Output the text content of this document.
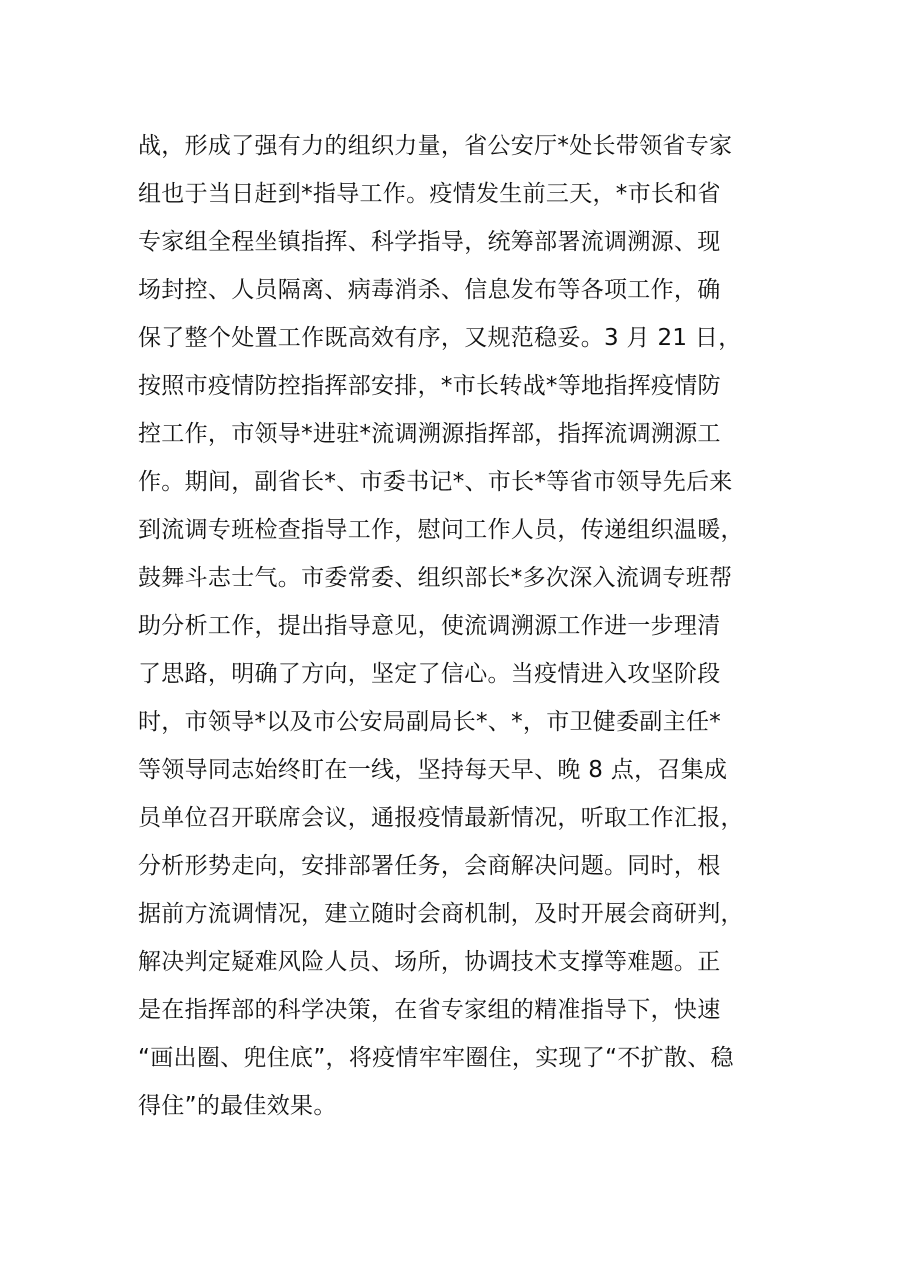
战，形成了强有力的组织力量，省公安厅*处长带领省专家
组也于当日赶到*指导工作。疫情发生前三天，*市长和省
专家组全程坐镇指挥、科学指导，统筹部署流调溯源、现
场封控、人员隔离、病毒消杀、信息发布等各项工作，确
保了整个处置工作既高效有序，又规范稳妥。3 月 21 日，
按照市疫情防控指挥部安排，*市长转战*等地指挥疫情防
控工作，市领导*进驻*流调溯源指挥部，指挥流调溯源工
作。期间，副省长*、市委书记*、市长*等省市领导先后来
到流调专班检查指导工作，慰问工作人员，传递组织温暖，
鼓舞斗志士气。市委常委、组织部长*多次深入流调专班帮
助分析工作，提出指导意见，使流调溯源工作进一步理清
了思路，明确了方向，坚定了信心。当疫情进入攻坚阶段
时，市领导*以及市公安局副局长*、*，市卫健委副主任*
等领导同志始终盯在一线，坚持每天早、晚 8 点，召集成
员单位召开联席会议，通报疫情最新情况，听取工作汇报，
分析形势走向，安排部署任务，会商解决问题。同时，根
据前方流调情况，建立随时会商机制，及时开展会商研判，
解决判定疑难风险人员、场所，协调技术支撑等难题。正
是在指挥部的科学决策，在省专家组的精准指导下，快速
“画出圈、兜住底”，将疫情牢牢圈住，实现了“不扩散、稳
得住”的最佳效果。
